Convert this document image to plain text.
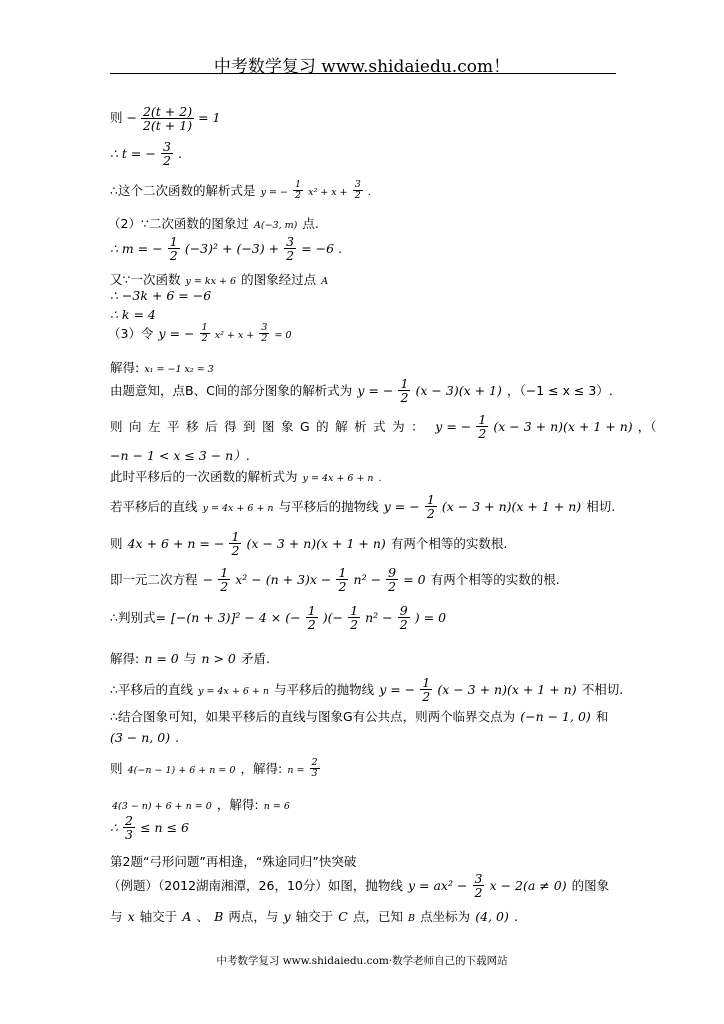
中考数学复习 www.shidaiedu.com！
则 − $\frac{2(t + 2)}{2(t + 1)} = 1$
∴ t = − $\frac{3}{2}$ .
∴这个二次函数的解析式是 y = − $\frac{1}{2} x^2 + x + \frac{3}{2}$ .
（2）∵二次函数的图象过 A(−3, m) 点.
∴ m = − $\frac{1}{2} (-3)^2 + (-3) + \frac{3}{2} = -6$ .
又∵一次函数 y = kx + 6 的图象经过点 A
∴ −3k + 6 = −6
∴ k = 4
（3）令 y = − $\frac{1}{2} x^2 + x + \frac{3}{2} = 0$
解得: x₁ = −1 x₂ = 3
由题意知，点B、C间的部分图象的解析式为 y = − $\frac{1}{2} (x - 3)(x + 1)$ ，（−1 ≤ x ≤ 3）.
则向左平移后得到图象G的解析式为： y = − $\frac{1}{2} (x - 3 + n)(x + 1 + n)$ ，（
−n − 1 < x ≤ 3 − n）.
此时平移后的一次函数的解析式为 y = 4x + 6 + n .
若平移后的直线 y = 4x + 6 + n 与平移后的抛物线 y = − $\frac{1}{2} (x - 3 + n)(x + 1 + n)$ 相切.
则 4x + 6 + n = − $\frac{1}{2} (x - 3 + n)(x + 1 + n)$ 有两个相等的实数根.
即一元二次方程 − $\frac{1}{2} x^2 - (n + 3)x - \frac{1}{2} n^2 - \frac{9}{2} = 0$ 有两个相等的实数的根.
∴判别式= [−(n + 3)]² − 4 × (− $\frac{1}{2}$ )(− $\frac{1}{2} n^2 - \frac{9}{2}$ ) = 0
解得: n = 0 与 n > 0 矛盾.
∴平移后的直线 y = 4x + 6 + n 与平移后的抛物线 y = − $\frac{1}{2} (x - 3 + n)(x + 1 + n)$ 不相切.
∴结合图象可知，如果平移后的直线与图象G有公共点，则两个临界交点为 (−n − 1, 0) 和
(3 − n, 0) .
则 4(−n − 1) + 6 + n = 0 ，解得: $n = \frac{2}{3}$
4(3 − n) + 6 + n = 0 ，解得: n = 6
∴ $\frac{2}{3} \le n \le 6$
第2题“弓形问题”再相逢，“殊途同归”快突破
（例题）（2012湖南湘潭，26，10分）如图，抛物线 $y = ax^2 - \frac{3}{2}$ x − 2(a ≠ 0) 的图象
与 x 轴交于 A 、 B 两点，与 y 轴交于 C 点，已知 B 点坐标为 (4, 0) .
中考数学复习 www.shidaiedu.com·数学老师自己的下载网站
